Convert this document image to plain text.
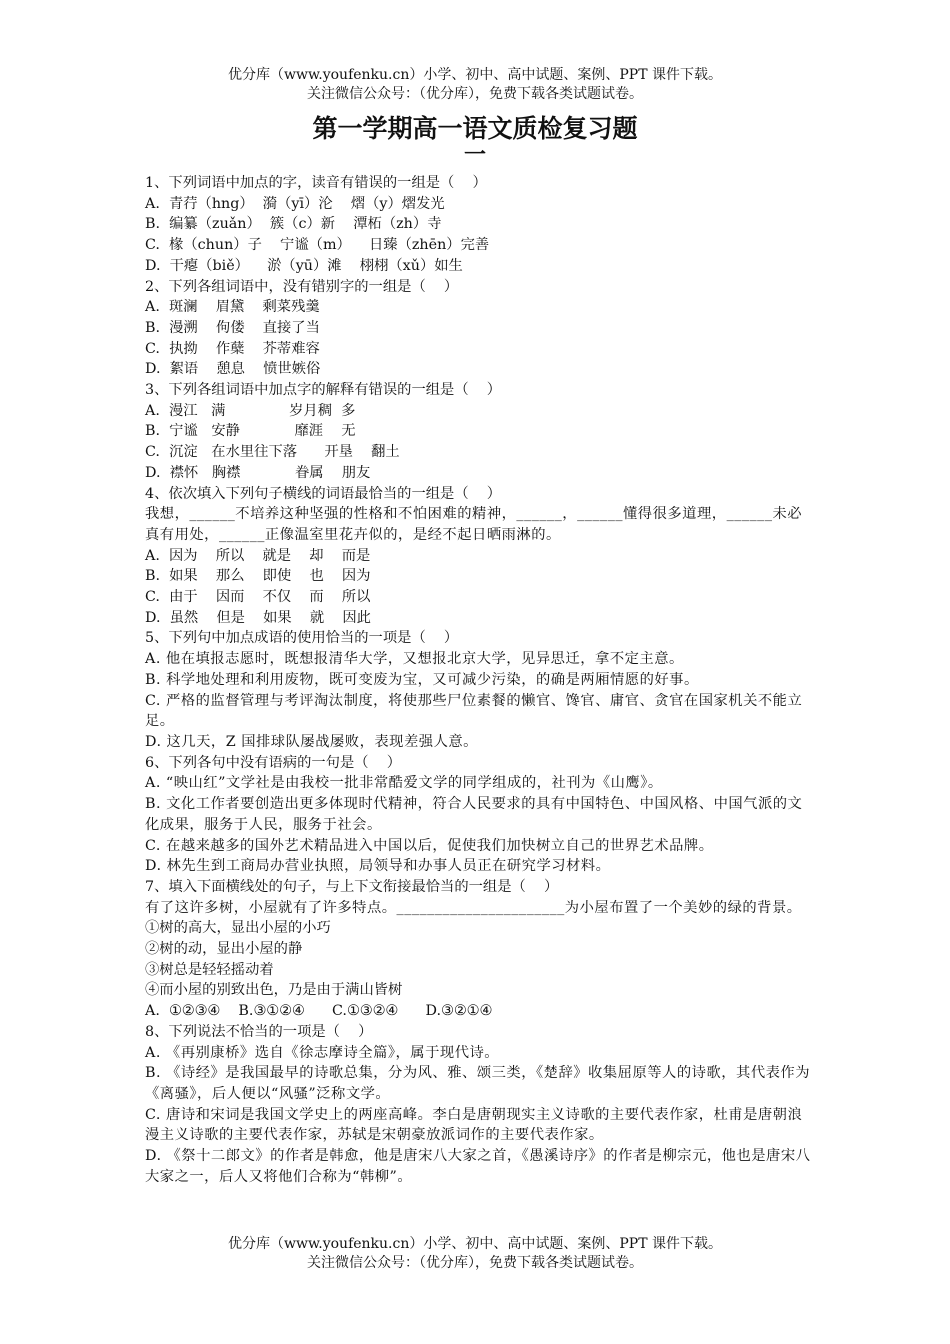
优分库（www.youfenku.cn）小学、初中、高中试题、案例、PPT 课件下载。
关注微信公众号：（优分库），免费下载各类试题试卷。
第一学期高一语文质检复习题
一
1、下列词语中加点的字，读音有错误的一组是（    ）
A.  青荇（hng）  漪（yī）沦    熠（y）熠发光
B.  编纂（zuǎn）  簇（c）新    潭柘（zh）寺
C.  椽（chun）子    宁谧（m）    日臻（zhēn）完善
D.  干瘪（biě）    淤（yū）滩    栩栩（xǔ）如生
2、下列各组词语中，没有错别字的一组是（    ）
A.  斑澜    眉黛    剩菜残羹
B.  漫溯    佝偻    直接了当
C.  执拗    作蘖    芥蒂难容
D.  絮语    憩息    愤世嫉俗
3、下列各组词语中加点字的解释有错误的一组是（    ）
A.  漫江   满              岁月稠  多
B.  宁谧   安静            靡涯    无
C.  沉淀   在水里往下落      开垦    翻土
D.  襟怀   胸襟            眷属    朋友
4、依次填入下列句子横线的词语最恰当的一组是（    ）
我想，______不培养这种坚强的性格和不怕困难的精神，______，______懂得很多道理，______未必真有用处，______正像温室里花卉似的，是经不起日晒雨淋的。
A.  因为    所以    就是    却    而是
B.  如果    那么    即使    也    因为
C.  由于    因而    不仅    而    所以
D.  虽然    但是    如果    就    因此
5、下列句中加点成语的使用恰当的一项是（    ）
A. 他在填报志愿时，既想报清华大学，又想报北京大学，见异思迁，拿不定主意。
B. 科学地处理和利用废物，既可变废为宝，又可减少污染，的确是两厢情愿的好事。
C. 严格的监督管理与考评淘汰制度，将使那些尸位素餐的懒官、馋官、庸官、贪官在国家机关不能立足。
D. 这几天，Z 国排球队屡战屡败，表现差强人意。
6、下列各句中没有语病的一句是（    ）
A. “映山红”文学社是由我校一批非常酷爱文学的同学组成的，社刊为《山鹰》。
B. 文化工作者要创造出更多体现时代精神，符合人民要求的具有中国特色、中国风格、中国气派的文化成果，服务于人民，服务于社会。
C. 在越来越多的国外艺术精品进入中国以后，促使我们加快树立自己的世界艺术品牌。
D. 林先生到工商局办营业执照，局领导和办事人员正在研究学习材料。
7、填入下面横线处的句子，与上下文衔接最恰当的一组是（    ）
有了这许多树，小屋就有了许多特点。______________________为小屋布置了一个美妙的绿的背景。
①树的高大，显出小屋的小巧
②树的动，显出小屋的静
③树总是轻轻摇动着
④而小屋的别致出色，乃是由于满山皆树
A.  ①②③④    B.③①②④      C.①③②④      D.③②①④
8、下列说法不恰当的一项是（    ）
A. 《再别康桥》选自《徐志摩诗全篇》，属于现代诗。
B. 《诗经》是我国最早的诗歌总集，分为风、雅、颂三类，《楚辞》收集屈原等人的诗歌，其代表作为《离骚》，后人便以“风骚”泛称文学。
C. 唐诗和宋词是我国文学史上的两座高峰。李白是唐朝现实主义诗歌的主要代表作家，杜甫是唐朝浪漫主义诗歌的主要代表作家，苏轼是宋朝豪放派词作的主要代表作家。
D. 《祭十二郎文》的作者是韩愈，他是唐宋八大家之首，《愚溪诗序》的作者是柳宗元，他也是唐宋八大家之一，后人又将他们合称为“韩柳”。
优分库（www.youfenku.cn）小学、初中、高中试题、案例、PPT 课件下载。
关注微信公众号：（优分库），免费下载各类试题试卷。
